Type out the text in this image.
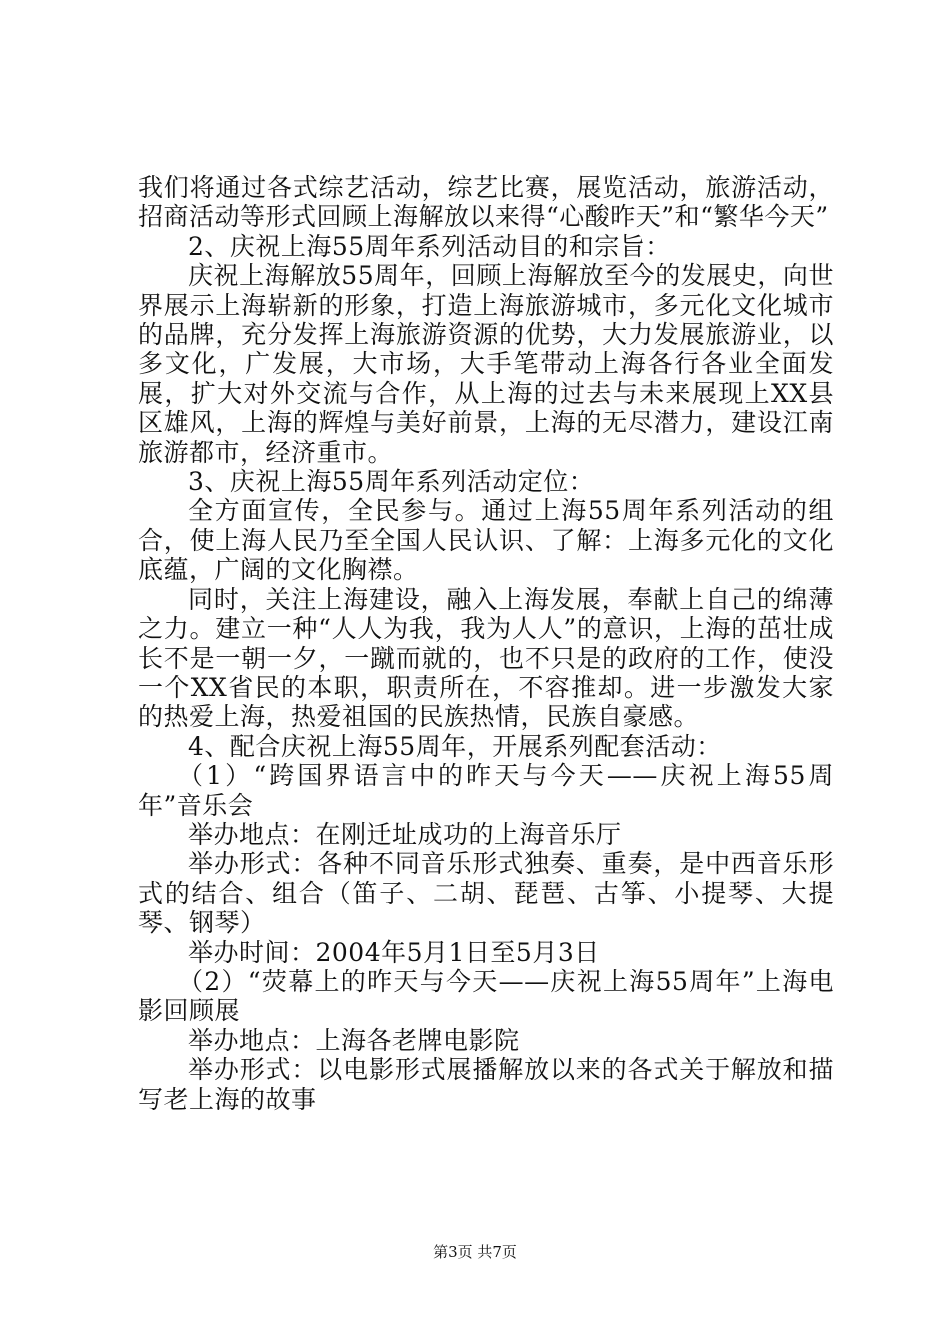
我们将通过各式综艺活动，综艺比赛，展览活动，旅游活动，招商活动等形式回顾上海解放以来得“心酸昨天”和“繁华今天”

2、庆祝上海55周年系列活动目的和宗旨：

庆祝上海解放55周年，回顾上海解放至今的发展史，向世界展示上海崭新的形象，打造上海旅游城市，多元化文化城市的品牌，充分发挥上海旅游资源的优势，大力发展旅游业，以多文化，广发展，大市场，大手笔带动上海各行各业全面发展，扩大对外交流与合作，从上海的过去与未来展现上XX县区雄风，上海的辉煌与美好前景，上海的无尽潜力，建设江南旅游都市，经济重市。

3、庆祝上海55周年系列活动定位：

全方面宣传，全民参与。通过上海55周年系列活动的组合，使上海人民乃至全国人民认识、了解：上海多元化的文化底蕴，广阔的文化胸襟。

同时，关注上海建设，融入上海发展，奉献上自己的绵薄之力。建立一种“人人为我，我为人人”的意识，上海的茁壮成长不是一朝一夕，一蹴而就的，也不只是的政府的工作，使没一个XX省民的本职，职责所在，不容推却。进一步激发大家的热爱上海，热爱祖国的民族热情，民族自豪感。

4、配合庆祝上海55周年，开展系列配套活动：

（1）“跨国界语言中的昨天与今天——庆祝上海55周年”音乐会

举办地点：在刚迁址成功的上海音乐厅

举办形式：各种不同音乐形式独奏、重奏，是中西音乐形式的结合、组合（笛子、二胡、琵琶、古筝、小提琴、大提琴、钢琴）

举办时间：2004年5月1日至5月3日

（2）“荧幕上的昨天与今天——庆祝上海55周年”上海电影回顾展

举办地点：上海各老牌电影院

举办形式：以电影形式展播解放以来的各式关于解放和描写老上海的故事

第3页 共7页
